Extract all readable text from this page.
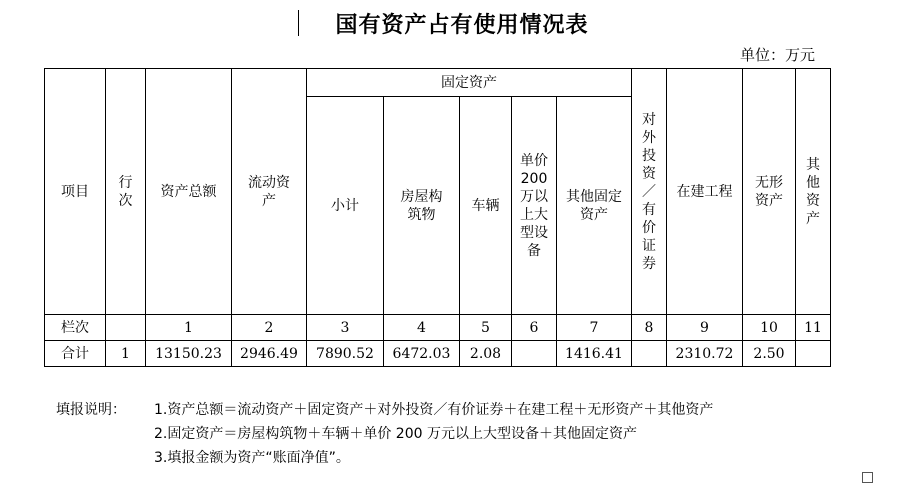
国有资产占有使用情况表
单位：万元
项目	行次	资产总额	流动资产	固定资产					对外投资／有价证券	在建工程	无形资产	其他资产
				小计	房屋构筑物	车辆	单价200万以上大型设备	其他固定资产				

栏次		1	2	3	4	5	6	7	8	9	10	11
合计	1	13150.23	2946.49	7890.52	6472.03	2.08		1416.41		2310.72	2.50	
填报说明： 1.资产总额＝流动资产＋固定资产＋对外投资／有价证券＋在建工程＋无形资产＋其他资产
2.固定资产＝房屋构筑物＋车辆＋单价 200 万元以上大型设备＋其他固定资产
3.填报金额为资产“账面净值”。
